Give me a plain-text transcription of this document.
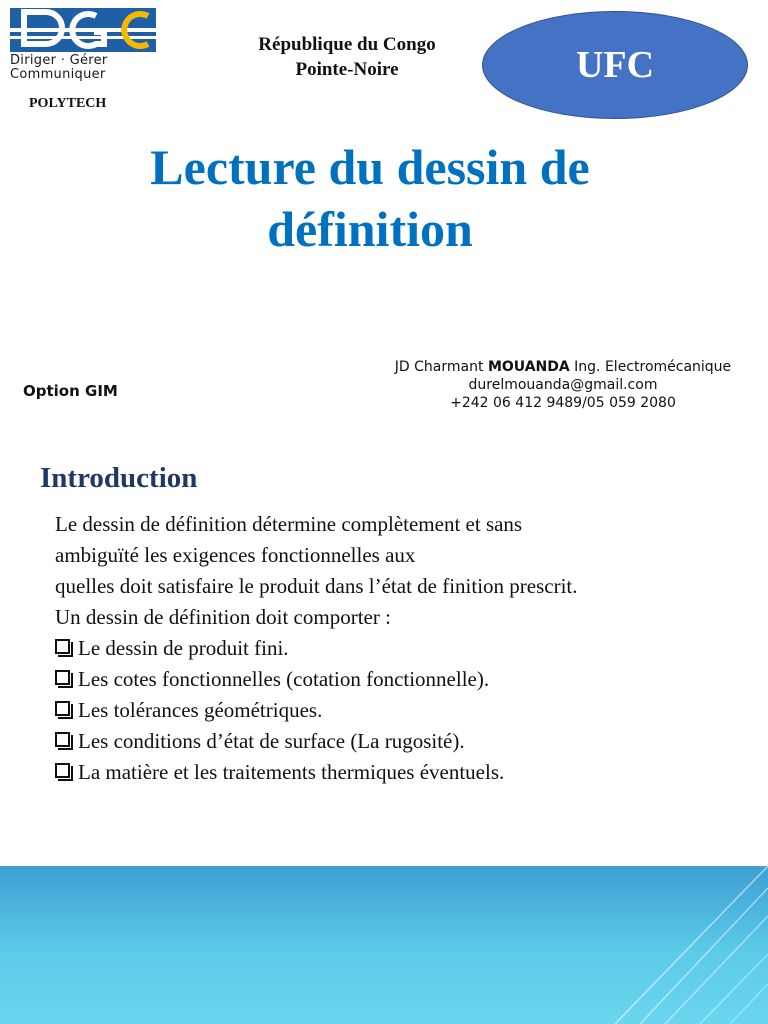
Diriger · Gérer
Communiquer
POLYTECH
République du Congo
Pointe-Noire	UFC
Lecture du dessin de définition
Option GIM
JD Charmant MOUANDA Ing. Electromécanique
durelmouanda@gmail.com
+242 06 412 9489/05 059 2080
Introduction

Le dessin de définition détermine complètement et sans

ambiguïté les exigences fonctionnelles aux

quelles doit satisfaire le produit dans l’état de finition prescrit.

Un dessin de définition doit comporter :

Le dessin de produit fini.
Les cotes fonctionnelles (cotation fonctionnelle).
Les tolérances géométriques.
Les conditions d’état de surface (La rugosité).
La matière et les traitements thermiques éventuels.
